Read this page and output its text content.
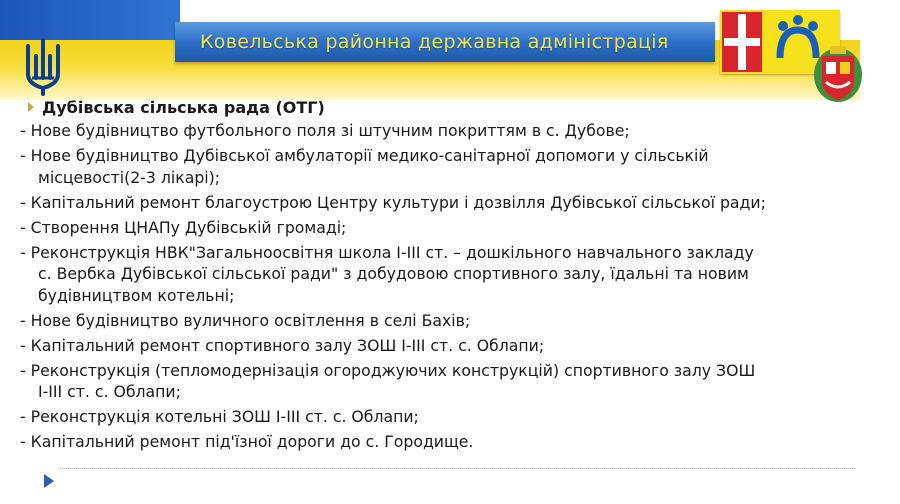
Ковельська районна державна адміністрація
Дубівська сільська рада (ОТГ)
- Нове будівництво футбольного поля зі штучним покриттям в с. Дубове;
- Нове будівництво Дубівської амбулаторії медико-санітарної допомоги у сільській
місцевості(2-3 лікарі);
- Капітальний ремонт благоустрою Центру культури і дозвілля Дубівської сільської ради;
- Створення ЦНАПу Дубівській громаді;
- Реконструкція НВК"Загальноосвітня школа І-ІІІ ст. – дошкільного навчального закладу
с. Вербка Дубівської сільської ради" з добудовою спортивного залу, їдальні та новим
будівництвом котельні;
- Нове будівництво вуличного освітлення в селі Бахів;
- Капітальний ремонт спортивного залу ЗОШ І-ІІІ ст. с. Облапи;
- Реконструкція (тепломодернізація огороджуючих конструкцій) спортивного залу ЗОШ
І-ІІІ ст. с. Облапи;
- Реконструкція котельні ЗОШ І-ІІІ ст. с. Облапи;
- Капітальний ремонт під'їзної дороги до с. Городище.
